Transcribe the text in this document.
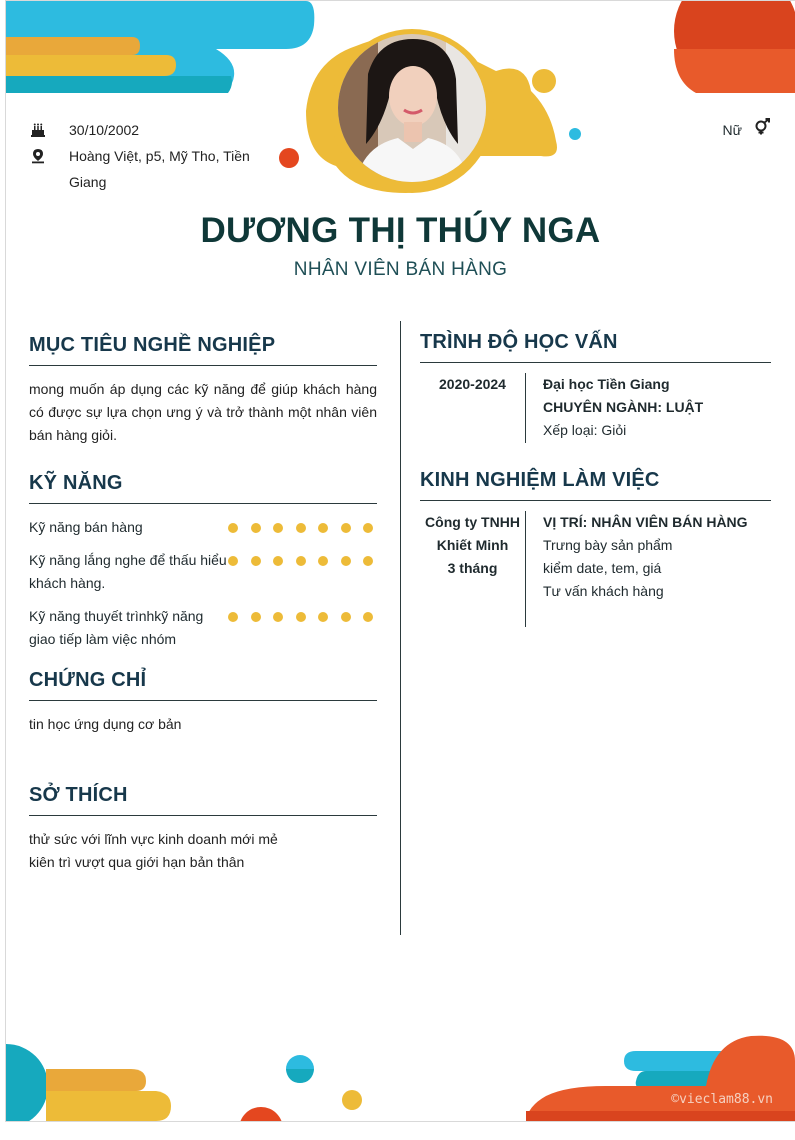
30/10/2002
Hoàng Việt, p5, Mỹ Tho, Tiền Giang
Nữ
DƯƠNG THỊ THÚY NGA
NHÂN VIÊN BÁN HÀNG
MỤC TIÊU NGHỀ NGHIỆP
mong muốn áp dụng các kỹ năng để giúp khách hàng có được sự lựa chọn ưng ý và trở thành một nhân viên bán hàng giỏi.
KỸ NĂNG
Kỹ năng bán hàng
Kỹ năng lắng nghe để thấu hiểu khách hàng.
Kỹ năng thuyết trìnhkỹ năng giao tiếp làm việc nhóm
CHỨNG CHỈ
tin học ứng dụng cơ bản
SỞ THÍCH
thử sức với lĩnh vực kinh doanh mới mẻ
kiên trì vượt qua giới hạn bản thân
TRÌNH ĐỘ HỌC VẤN
2020-2024	Đại học Tiền Giang
CHUYÊN NGÀNH: LUẬT
Xếp loại: Giỏi
KINH NGHIỆM LÀM VIỆC
Công ty TNHH
Khiết Minh
3 tháng
VỊ TRÍ: NHÂN VIÊN BÁN HÀNG
Trưng bày sản phẩm
kiểm date, tem, giá
Tư vấn khách hàng
©vieclam88.vn
